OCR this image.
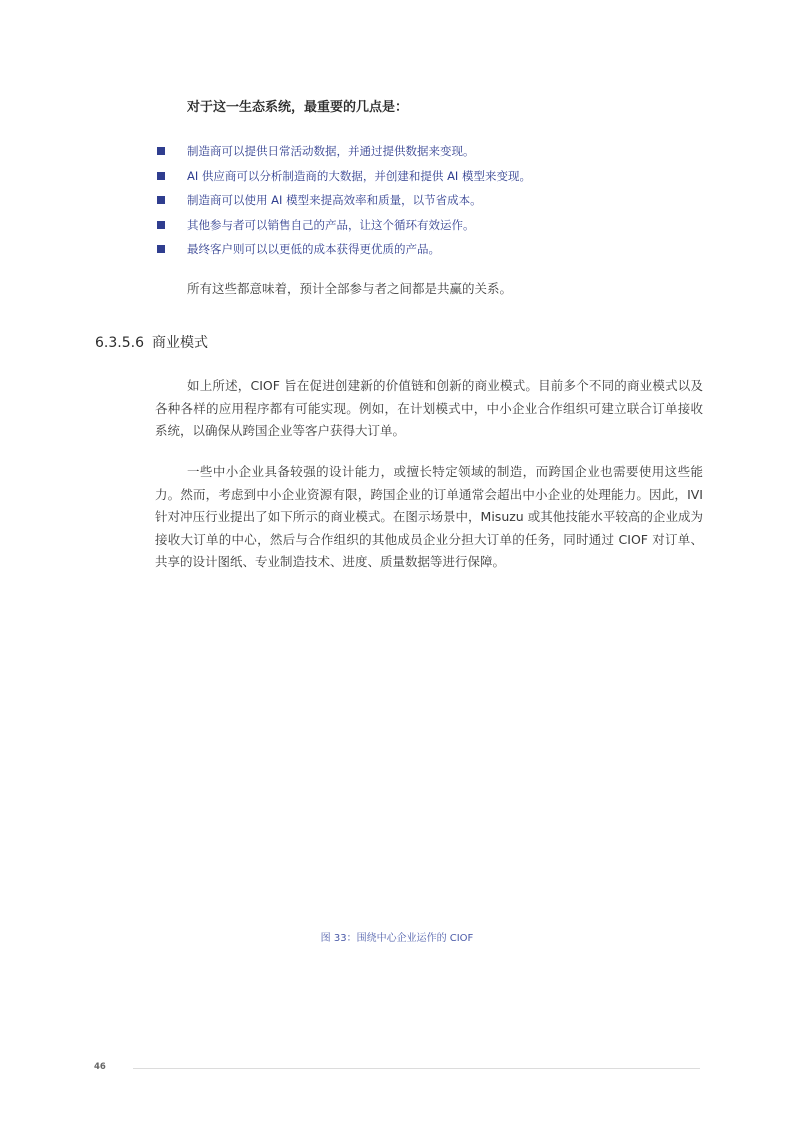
对于这一生态系统，最重要的几点是：
制造商可以提供日常活动数据，并通过提供数据来变现。
AI 供应商可以分析制造商的大数据，并创建和提供 AI 模型来变现。
制造商可以使用 AI 模型来提高效率和质量，以节省成本。
其他参与者可以销售自己的产品，让这个循环有效运作。
最终客户则可以以更低的成本获得更优质的产品。
所有这些都意味着，预计全部参与者之间都是共赢的关系。
6.3.5.6 商业模式

如上所述，CIOF 旨在促进创建新的价值链和创新的商业模式。目前多个不同的商业模式以及各种各样的应用程序都有可能实现。例如，在计划模式中，中小企业合作组织可建立联合订单接收系统，以确保从跨国企业等客户获得大订单。

一些中小企业具备较强的设计能力，或擅长特定领域的制造，而跨国企业也需要使用这些能力。然而，考虑到中小企业资源有限，跨国企业的订单通常会超出中小企业的处理能力。因此，IVI 针对冲压行业提出了如下所示的商业模式。在图示场景中，Misuzu 或其他技能水平较高的企业成为接收大订单的中心，然后与合作组织的其他成员企业分担大订单的任务，同时通过 CIOF 对订单、共享的设计图纸、专业制造技术、进度、质量数据等进行保障。

图 33：围绕中心企业运作的 CIOF
46
